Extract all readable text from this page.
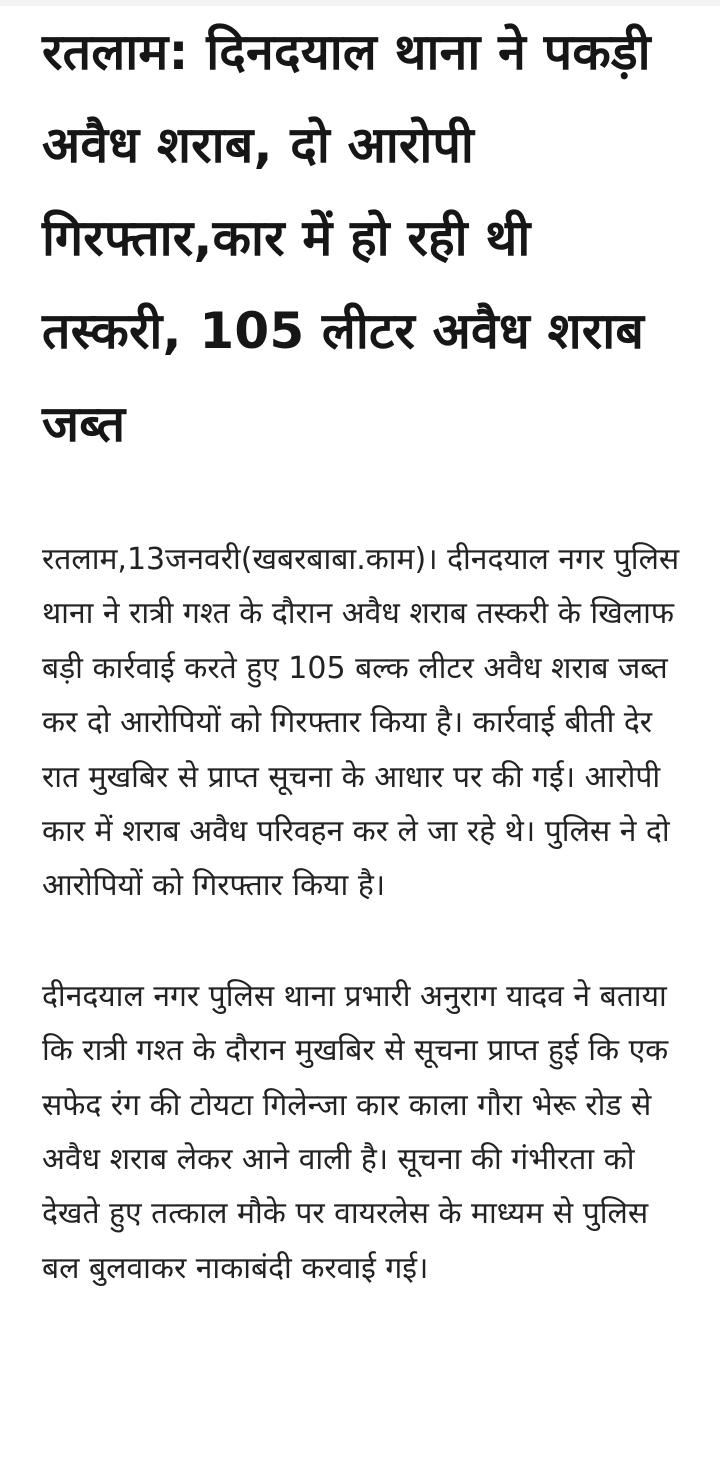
रतलाम: दिनदयाल थाना ने पकड़ी अवैध शराब, दो आरोपी गिरफ्तार,कार में हो रही थी तस्करी, 105 लीटर अवैध शराब जब्त

रतलाम,13जनवरी(खबरबाबा.काम)। दीनदयाल नगर पुलिस थाना ने रात्री गश्त के दौरान अवैध शराब तस्करी के खिलाफ बड़ी कार्रवाई करते हुए 105 बल्क लीटर अवैध शराब जब्त कर दो आरोपियों को गिरफ्तार किया है। कार्रवाई बीती देर रात मुखबिर से प्राप्त सूचना के आधार पर की गई। आरोपी कार में शराब अवैध परिवहन कर ले जा रहे थे। पुलिस ने दो आरोपियों को गिरफ्तार किया है।

दीनदयाल नगर पुलिस थाना प्रभारी अनुराग यादव ने बताया कि रात्री गश्त के दौरान मुखबिर से सूचना प्राप्त हुई कि एक सफेद रंग की टोयटा गिलेन्जा कार काला गौरा भेरू रोड से अवैध शराब लेकर आने वाली है। सूचना की गंभीरता को देखते हुए तत्काल मौके पर वायरलेस के माध्यम से पुलिस बल बुलवाकर नाकाबंदी करवाई गई।
